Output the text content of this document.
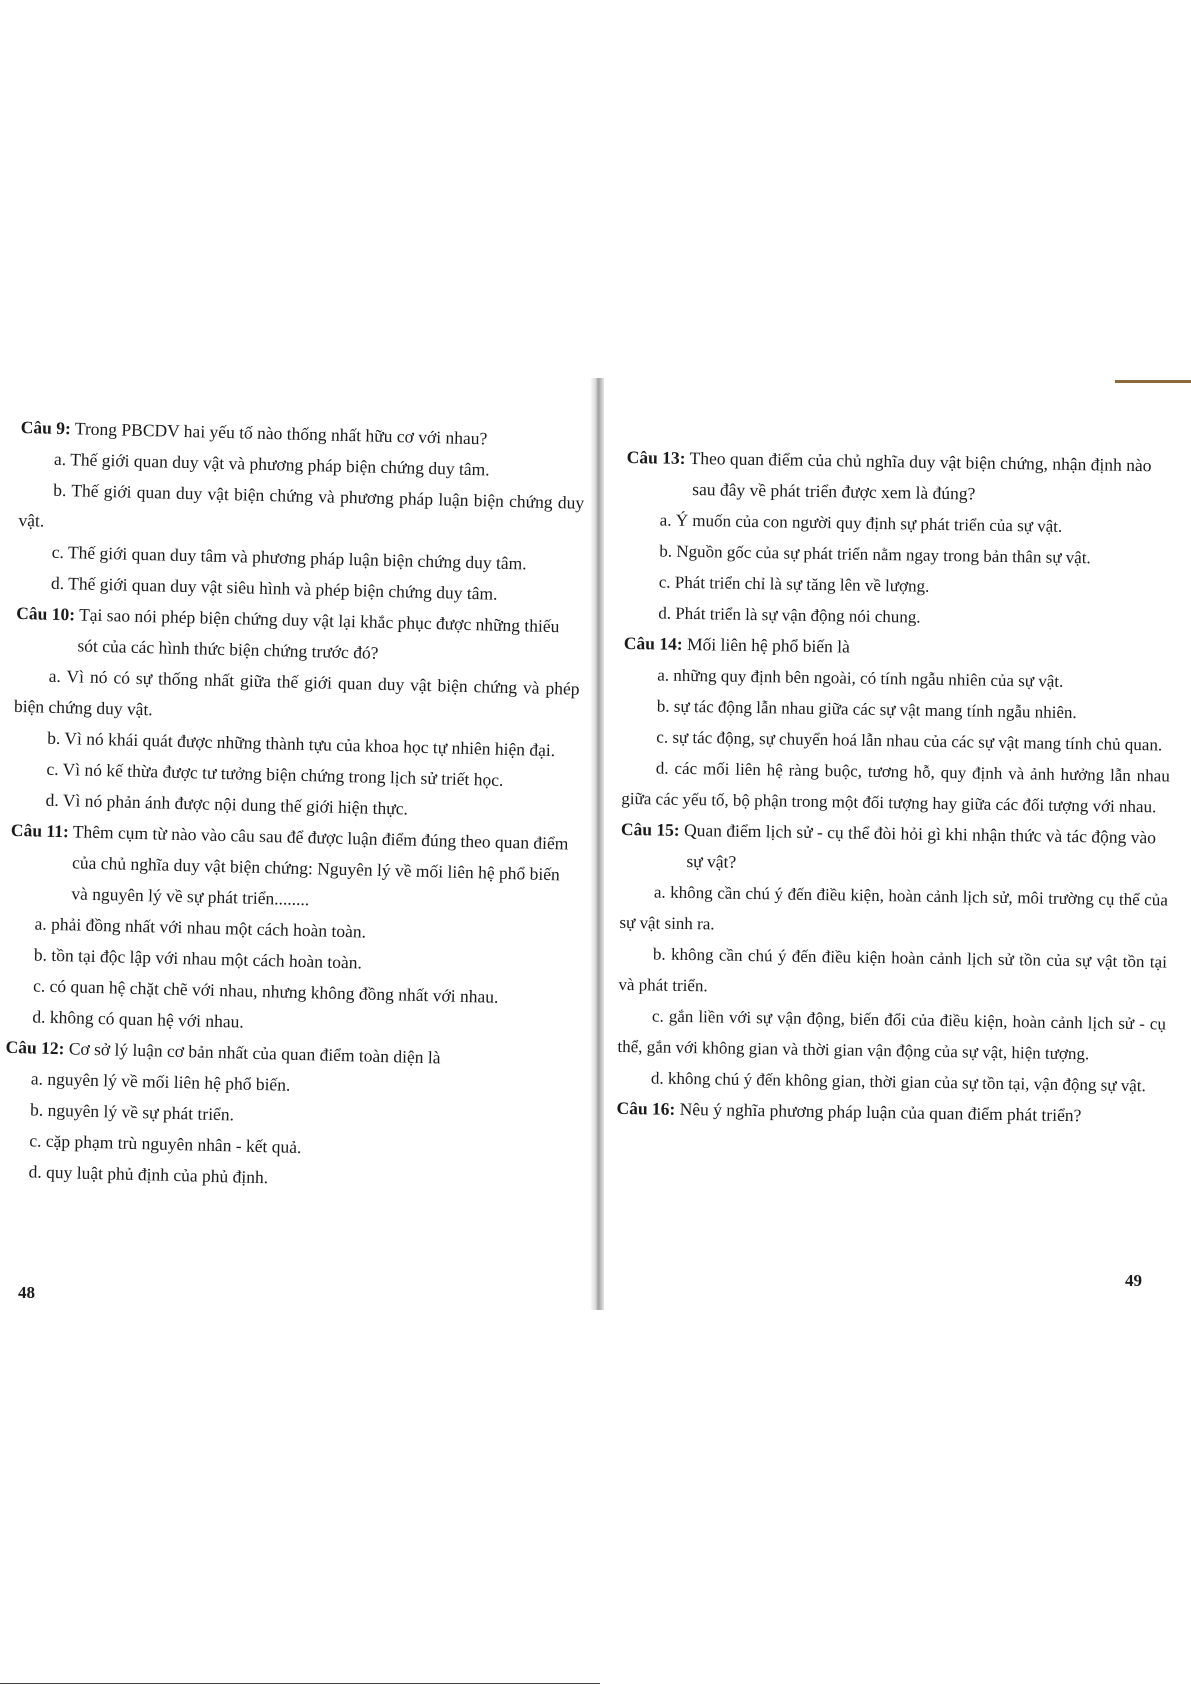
Câu 9: Trong PBCDV hai yếu tố nào thống nhất hữu cơ với nhau?

a. Thế giới quan duy vật và phương pháp biện chứng duy tâm.

b. Thế giới quan duy vật biện chứng và phương pháp luận biện chứng duy vật.

c. Thế giới quan duy tâm và phương pháp luận biện chứng duy tâm.

d. Thế giới quan duy vật siêu hình và phép biện chứng duy tâm.

Câu 10: Tại sao nói phép biện chứng duy vật lại khắc phục được những thiếu sót của các hình thức biện chứng trước đó?

a. Vì nó có sự thống nhất giữa thế giới quan duy vật biện chứng và phép biện chứng duy vật.

b. Vì nó khái quát được những thành tựu của khoa học tự nhiên hiện đại.

c. Vì nó kế thừa được tư tưởng biện chứng trong lịch sử triết học.

d. Vì nó phản ánh được nội dung thế giới hiện thực.

Câu 11: Thêm cụm từ nào vào câu sau để được luận điểm đúng theo quan điểm của chủ nghĩa duy vật biện chứng: Nguyên lý về mối liên hệ phổ biến và nguyên lý về sự phát triển........

a. phải đồng nhất với nhau một cách hoàn toàn.

b. tồn tại độc lập với nhau một cách hoàn toàn.

c. có quan hệ chặt chẽ với nhau, nhưng không đồng nhất với nhau.

d. không có quan hệ với nhau.

Câu 12: Cơ sở lý luận cơ bản nhất của quan điểm toàn diện là

a. nguyên lý về mối liên hệ phổ biến.

b. nguyên lý về sự phát triển.

c. cặp phạm trù nguyên nhân - kết quả.

d. quy luật phủ định của phủ định.

Câu 13: Theo quan điểm của chủ nghĩa duy vật biện chứng, nhận định nào sau đây về phát triển được xem là đúng?

a. Ý muốn của con người quy định sự phát triển của sự vật.

b. Nguồn gốc của sự phát triển nằm ngay trong bản thân sự vật.

c. Phát triển chỉ là sự tăng lên về lượng.

d. Phát triển là sự vận động nói chung.

Câu 14: Mối liên hệ phổ biến là

a. những quy định bên ngoài, có tính ngẫu nhiên của sự vật.

b. sự tác động lẫn nhau giữa các sự vật mang tính ngẫu nhiên.

c. sự tác động, sự chuyển hoá lẫn nhau của các sự vật mang tính chủ quan.

d. các mối liên hệ ràng buộc, tương hỗ, quy định và ảnh hưởng lẫn nhau giữa các yếu tố, bộ phận trong một đối tượng hay giữa các đối tượng với nhau.

Câu 15: Quan điểm lịch sử - cụ thể đòi hỏi gì khi nhận thức và tác động vào sự vật?

a. không cần chú ý đến điều kiện, hoàn cảnh lịch sử, môi trường cụ thể của sự vật sinh ra.

b. không cần chú ý đến điều kiện hoàn cảnh lịch sử tồn của sự vật tồn tại và phát triển.

c. gắn liền với sự vận động, biến đổi của điều kiện, hoàn cảnh lịch sử - cụ thể, gắn với không gian và thời gian vận động của sự vật, hiện tượng.

d. không chú ý đến không gian, thời gian của sự tồn tại, vận động sự vật.

Câu 16: Nêu ý nghĩa phương pháp luận của quan điểm phát triển?

48
49
